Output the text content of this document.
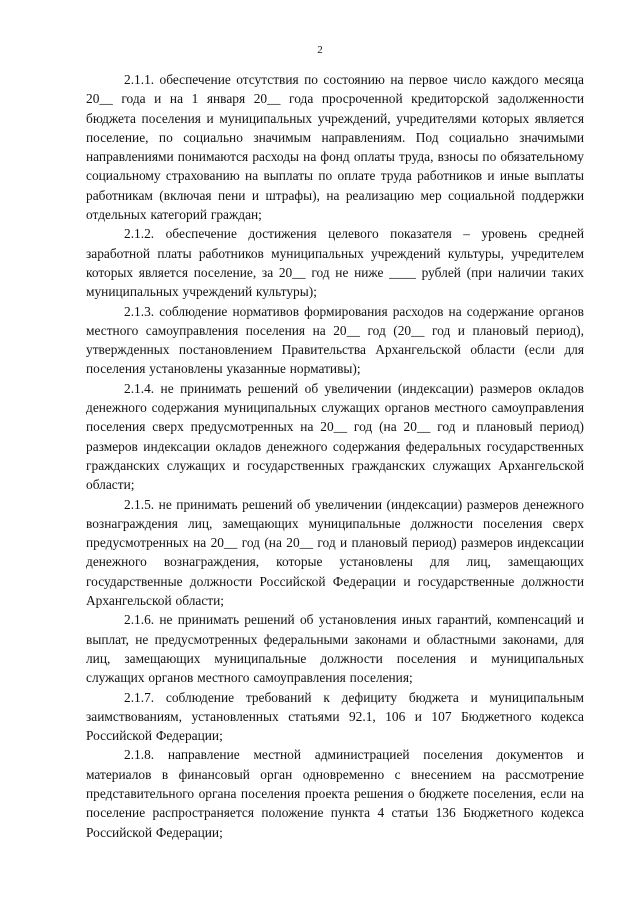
2

2.1.1. обеспечение отсутствия по состоянию на первое число каждого месяца 20__ года и на 1 января 20__ года просроченной кредиторской задолженности бюджета поселения и муниципальных учреждений, учредителями которых является поселение, по социально значимым направлениям. Под социально значимыми направлениями понимаются расходы на фонд оплаты труда, взносы по обязательному социальному страхованию на выплаты по оплате труда работников и иные выплаты работникам (включая пени и штрафы), на реализацию мер социальной поддержки отдельных категорий граждан;

2.1.2. обеспечение достижения целевого показателя – уровень средней заработной платы работников муниципальных учреждений культуры, учредителем которых является поселение, за 20__ год не ниже ____ рублей (при наличии таких муниципальных учреждений культуры);

2.1.3. соблюдение нормативов формирования расходов на содержание органов местного самоуправления поселения на 20__ год (20__ год и плановый период), утвержденных постановлением Правительства Архангельской области (если для поселения установлены указанные нормативы);

2.1.4. не принимать решений об увеличении (индексации) размеров окладов денежного содержания муниципальных служащих органов местного самоуправления поселения сверх предусмотренных на 20__ год (на 20__ год и плановый период) размеров индексации окладов денежного содержания федеральных государственных гражданских служащих и государственных гражданских служащих Архангельской области;

2.1.5. не принимать решений об увеличении (индексации) размеров денежного вознаграждения лиц, замещающих муниципальные должности поселения сверх предусмотренных на 20__ год (на 20__ год и плановый период) размеров индексации денежного вознаграждения, которые установлены для лиц, замещающих государственные должности Российской Федерации и государственные должности Архангельской области;

2.1.6. не принимать решений об установления иных гарантий, компенсаций и выплат, не предусмотренных федеральными законами и областными законами, для лиц, замещающих муниципальные должности поселения и муниципальных служащих органов местного самоуправления поселения;

2.1.7. соблюдение требований к дефициту бюджета и муниципальным заимствованиям, установленных статьями 92.1, 106 и 107 Бюджетного кодекса Российской Федерации;

2.1.8. направление местной администрацией поселения документов и материалов в финансовый орган одновременно с внесением на рассмотрение представительного органа поселения проекта решения о бюджете поселения, если на поселение распространяется положение пункта 4 статьи 136 Бюджетного кодекса Российской Федерации;
